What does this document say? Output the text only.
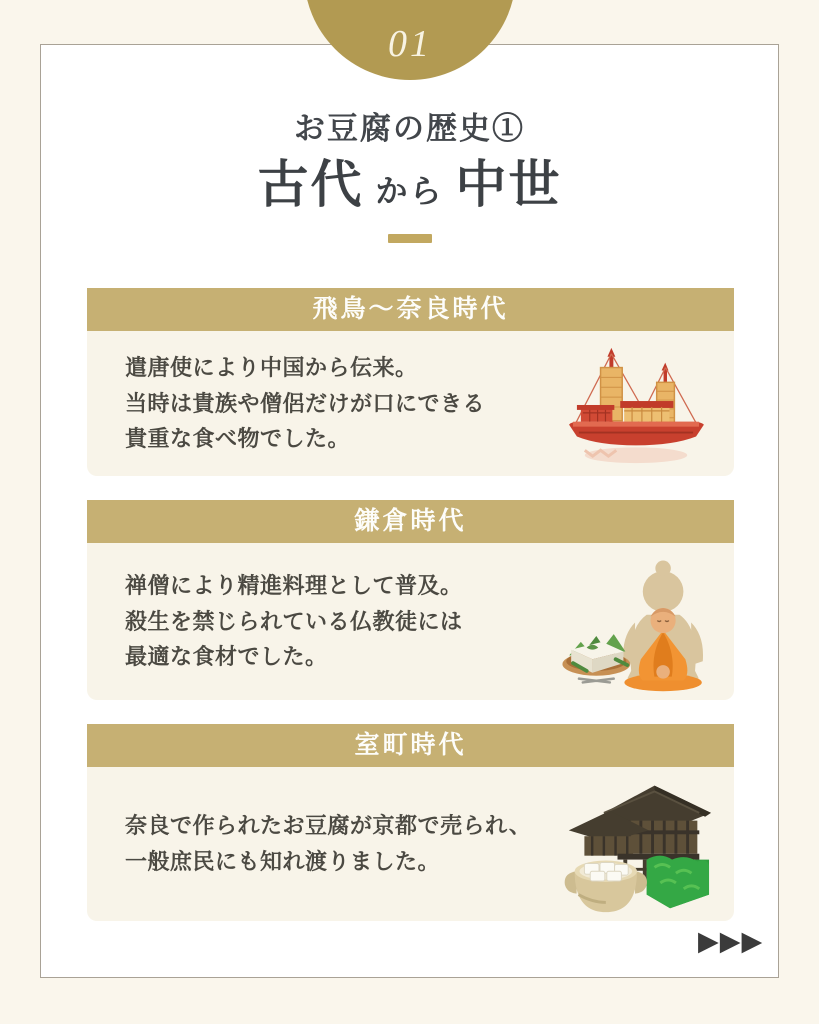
01
お豆腐の歴史①
古代 から 中世
飛鳥〜奈良時代
遣唐使により中国から伝来。
当時は貴族や僧侶だけが口にできる
貴重な食べ物でした。
鎌倉時代
禅僧により精進料理として普及。
殺生を禁じられている仏教徒には
最適な食材でした。
室町時代
奈良で作られたお豆腐が京都で売られ、
一般庶民にも知れ渡りました。
▶▶▶
